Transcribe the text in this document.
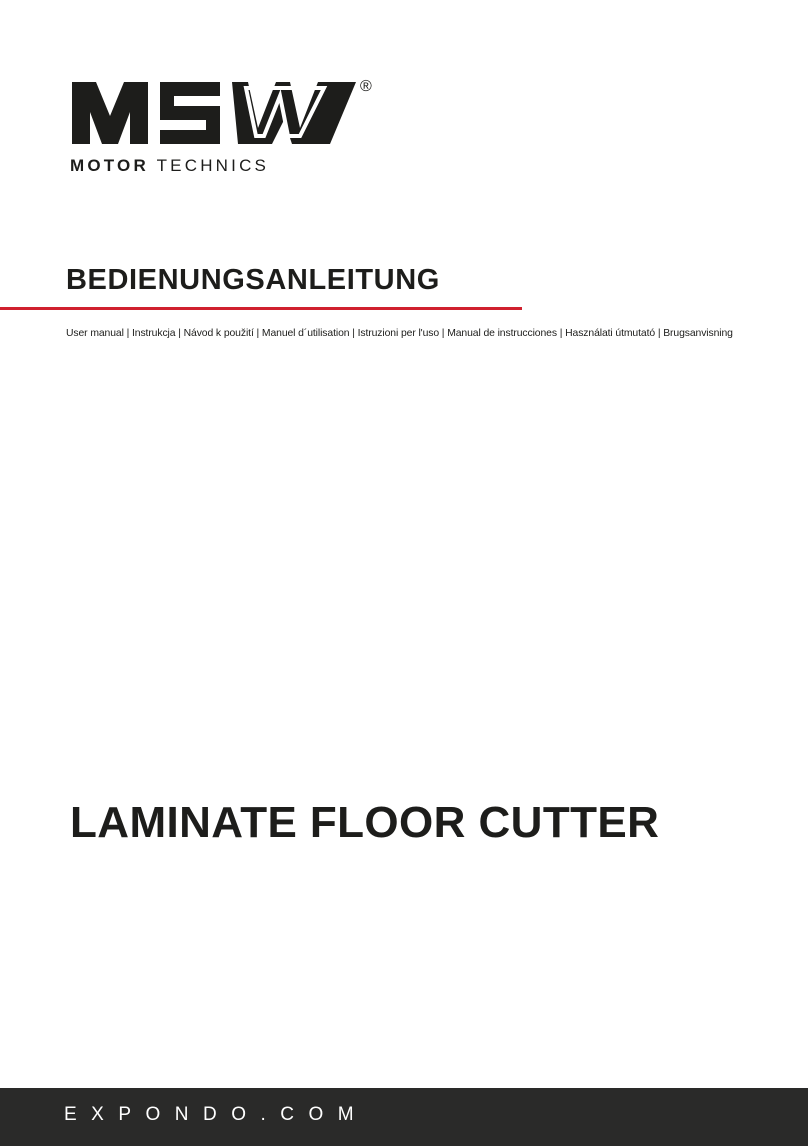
®
MOTOR TECHNICS
BEDIENUNGSANLEITUNG
User manual | Instrukcja | Návod k použití | Manuel d´utilisation | Istruzioni per l'uso | Manual de instrucciones | Használati útmutató | Brugsanvisning
LAMINATE FLOOR CUTTER
EXPONDO.COM
